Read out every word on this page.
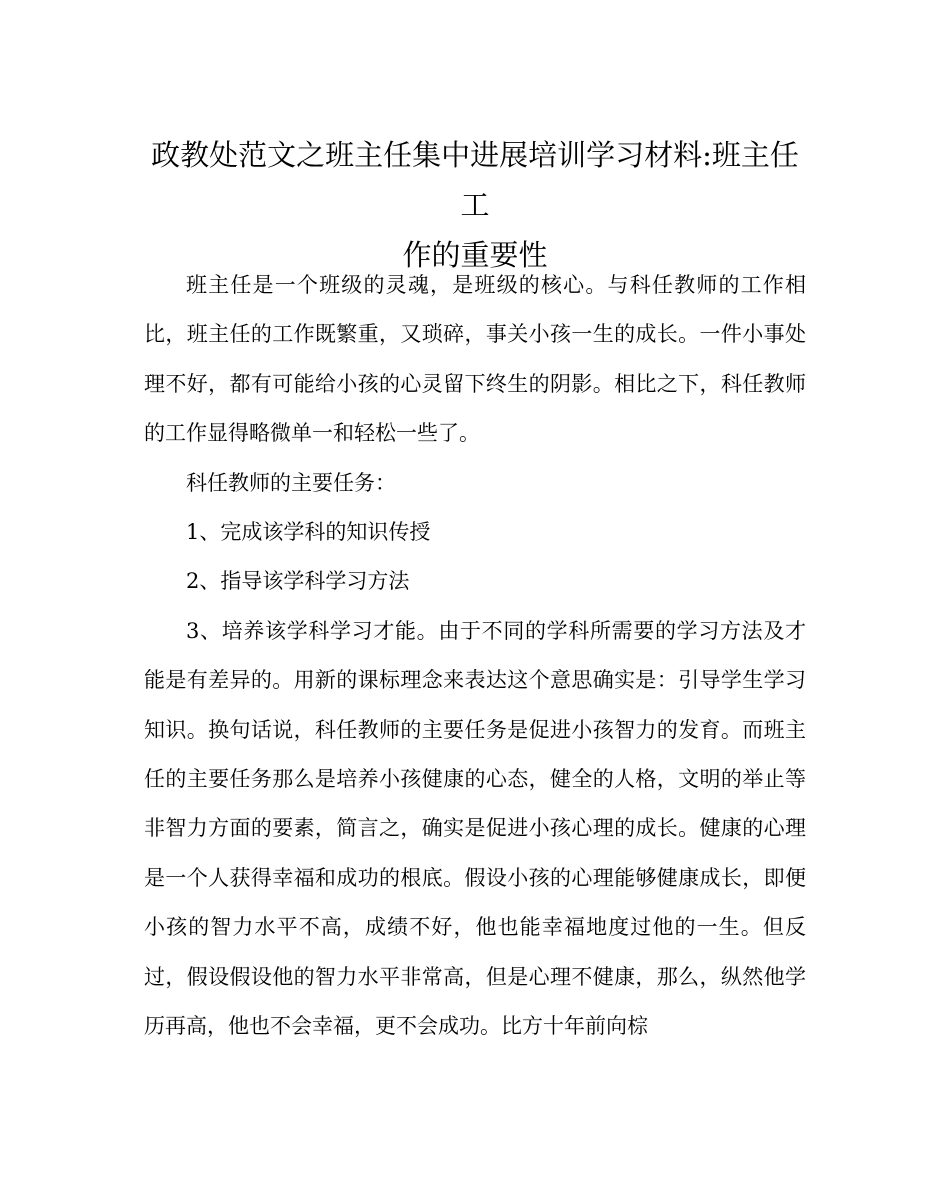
政教处范文之班主任集中进展培训学习材料:班主任工
作的重要性

班主任是一个班级的灵魂，是班级的核心。与科任教师的工作相比，班主任的工作既繁重，又琐碎，事关小孩一生的成长。一件小事处理不好，都有可能给小孩的心灵留下终生的阴影。相比之下，科任教师的工作显得略微单一和轻松一些了。

科任教师的主要任务：

1、完成该学科的知识传授

2、指导该学科学习方法

3、培养该学科学习才能。由于不同的学科所需要的学习方法及才能是有差异的。用新的课标理念来表达这个意思确实是：引导学生学习知识。换句话说，科任教师的主要任务是促进小孩智力的发育。而班主任的主要任务那么是培养小孩健康的心态，健全的人格，文明的举止等非智力方面的要素，简言之，确实是促进小孩心理的成长。健康的心理是一个人获得幸福和成功的根底。假设小孩的心理能够健康成长，即便小孩的智力水平不高，成绩不好，他也能幸福地度过他的一生。但反过，假设假设他的智力水平非常高，但是心理不健康，那么，纵然他学历再高，他也不会幸福，更不会成功。比方十年前向棕
